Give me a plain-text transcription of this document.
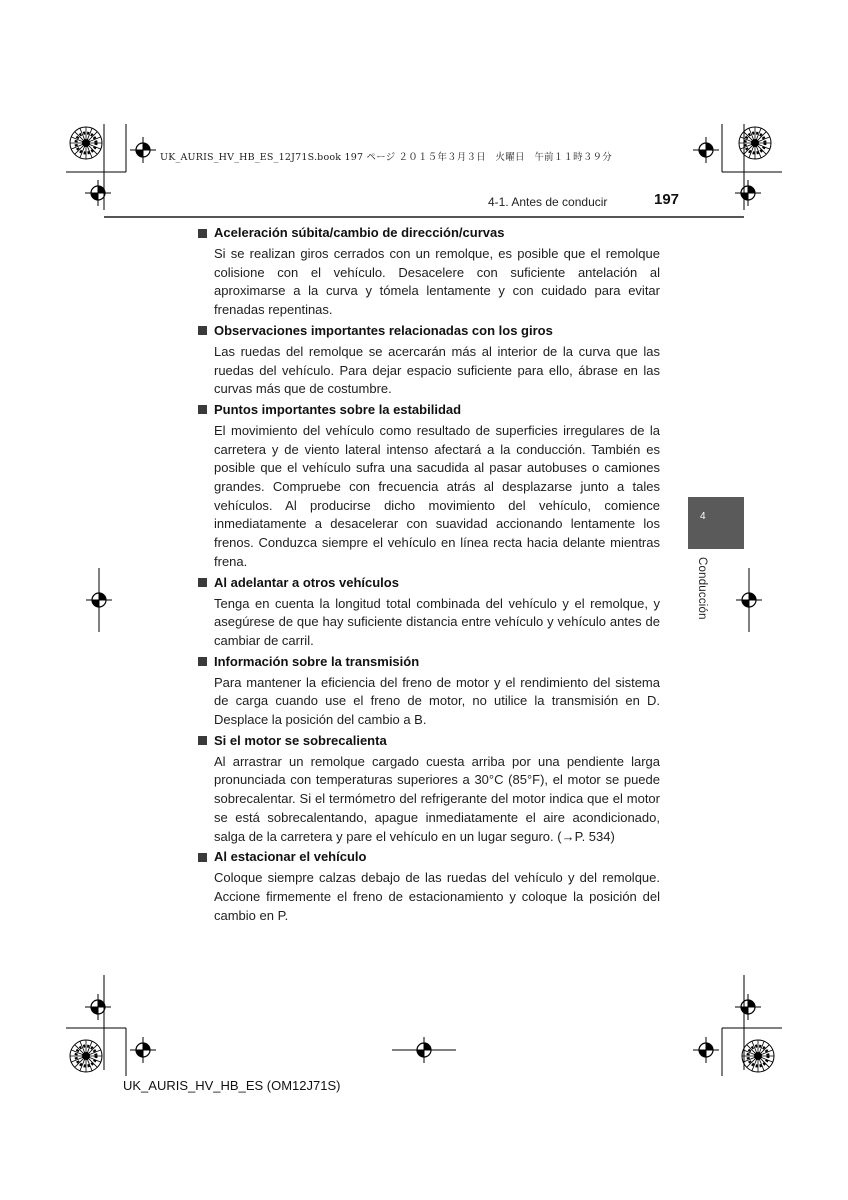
UK_AURIS_HV_HB_ES_12J71S.book 197 ページ ２０１５年３月３日　火曜日　午前１１時３９分
4-1. Antes de conducir	197
4
Conducción
Aceleración súbita/cambio de dirección/curvas

Si se realizan giros cerrados con un remolque, es posible que el remolque colisione con el vehículo. Desacelere con suficiente antelación al aproximarse a la curva y tómela lentamente y con cuidado para evitar frenadas repentinas.

Observaciones importantes relacionadas con los giros

Las ruedas del remolque se acercarán más al interior de la curva que las ruedas del vehículo. Para dejar espacio suficiente para ello, ábrase en las curvas más que de costumbre.

Puntos importantes sobre la estabilidad

El movimiento del vehículo como resultado de superficies irregulares de la carretera y de viento lateral intenso afectará a la conducción. También es posible que el vehículo sufra una sacudida al pasar autobuses o camiones grandes. Compruebe con frecuencia atrás al desplazarse junto a tales vehículos. Al producirse dicho movimiento del vehículo, comience inmediatamente a desacelerar con suavidad accionando lentamente los frenos. Conduzca siempre el vehículo en línea recta hacia delante mientras frena.

Al adelantar a otros vehículos

Tenga en cuenta la longitud total combinada del vehículo y el remolque, y asegúrese de que hay suficiente distancia entre vehículo y vehículo antes de cambiar de carril.

Información sobre la transmisión

Para mantener la eficiencia del freno de motor y el rendimiento del sistema de carga cuando use el freno de motor, no utilice la transmisión en D. Desplace la posición del cambio a B.

Si el motor se sobrecalienta

Al arrastrar un remolque cargado cuesta arriba por una pendiente larga pronunciada con temperaturas superiores a 30°C (85°F), el motor se puede sobrecalentar. Si el termómetro del refrigerante del motor indica que el motor se está sobrecalentando, apague inmediatamente el aire acondicionado, salga de la carretera y pare el vehículo en un lugar seguro. (→P. 534)

Al estacionar el vehículo

Coloque siempre calzas debajo de las ruedas del vehículo y del remolque. Accione firmemente el freno de estacionamiento y coloque la posición del cambio en P.

UK_AURIS_HV_HB_ES (OM12J71S)
